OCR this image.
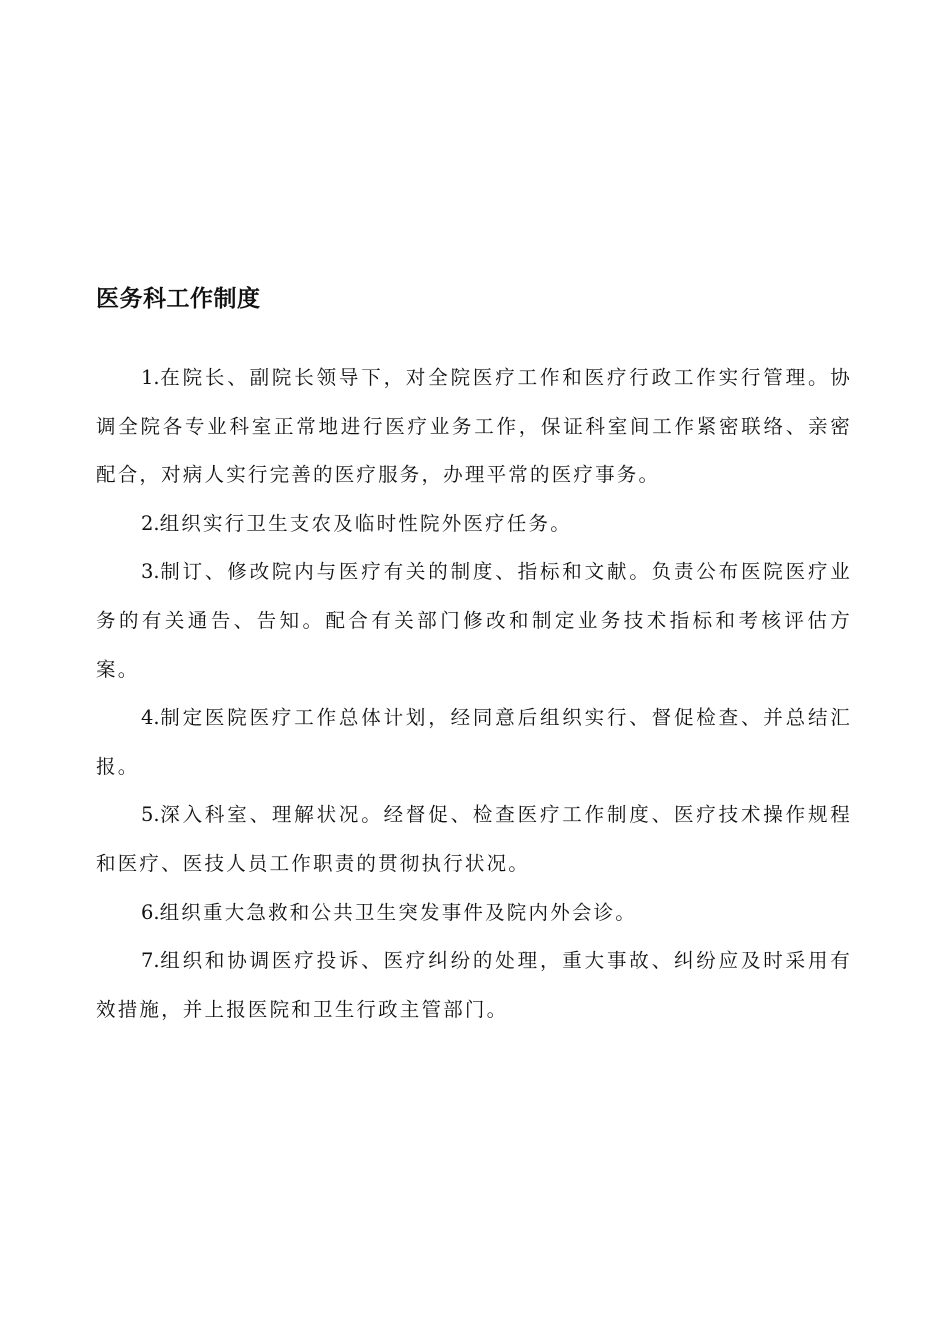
医务科工作制度

1.在院长、副院长领导下，对全院医疗工作和医疗行政工作实行管理。协调全院各专业科室正常地进行医疗业务工作，保证科室间工作紧密联络、亲密配合，对病人实行完善的医疗服务，办理平常的医疗事务。

2.组织实行卫生支农及临时性院外医疗任务。

3.制订、修改院内与医疗有关的制度、指标和文献。负责公布医院医疗业务的有关通告、告知。配合有关部门修改和制定业务技术指标和考核评估方案。

4.制定医院医疗工作总体计划，经同意后组织实行、督促检查、并总结汇报。

5.深入科室、理解状况。经督促、检查医疗工作制度、医疗技术操作规程和医疗、医技人员工作职责的贯彻执行状况。

6.组织重大急救和公共卫生突发事件及院内外会诊。

7.组织和协调医疗投诉、医疗纠纷的处理，重大事故、纠纷应及时采用有效措施，并上报医院和卫生行政主管部门。
